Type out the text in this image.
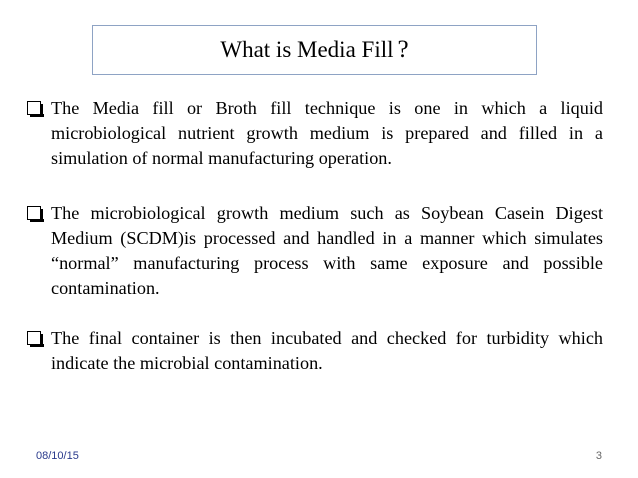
What is Media Fill ?
The Media fill or Broth fill technique is one in which a liquid microbiological nutrient growth medium is prepared and filled in a simulation of normal manufacturing operation.
The microbiological growth medium such as Soybean Casein Digest Medium (SCDM)is processed and handled in a manner which simulates “normal” manufacturing process with same exposure and possible contamination.
The final container is then incubated and checked for turbidity which indicate the microbial contamination.
08/10/15	3
